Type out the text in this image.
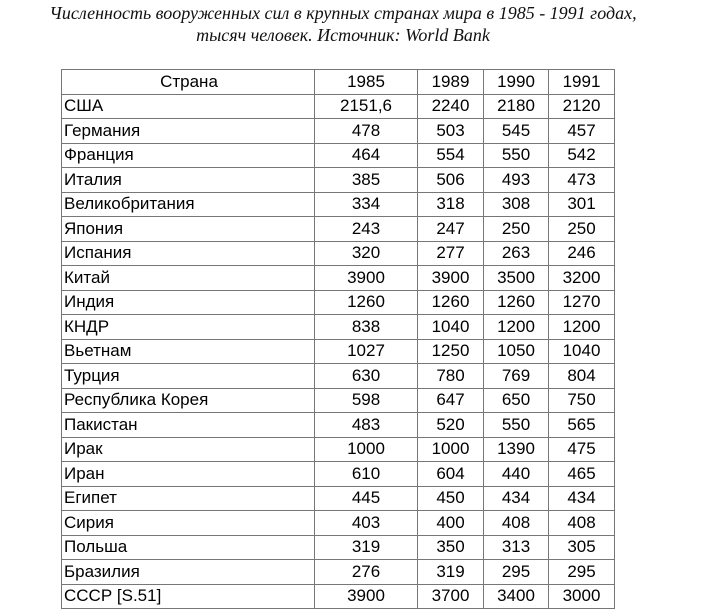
Численность вооруженных сил в крупных странах мира в 1985 - 1991 годах,
тысяч человек. Источник: World Bank
Страна	1985	1989	1990	1991
США	2151,6	2240	2180	2120
Германия	478	503	545	457
Франция	464	554	550	542
Италия	385	506	493	473
Великобритания	334	318	308	301
Япония	243	247	250	250
Испания	320	277	263	246
Китай	3900	3900	3500	3200
Индия	1260	1260	1260	1270
КНДР	838	1040	1200	1200
Вьетнам	1027	1250	1050	1040
Турция	630	780	769	804
Республика Корея	598	647	650	750
Пакистан	483	520	550	565
Ирак	1000	1000	1390	475
Иран	610	604	440	465
Египет	445	450	434	434
Сирия	403	400	408	408
Польша	319	350	313	305
Бразилия	276	319	295	295
СССР [S.51]	3900	3700	3400	3000
